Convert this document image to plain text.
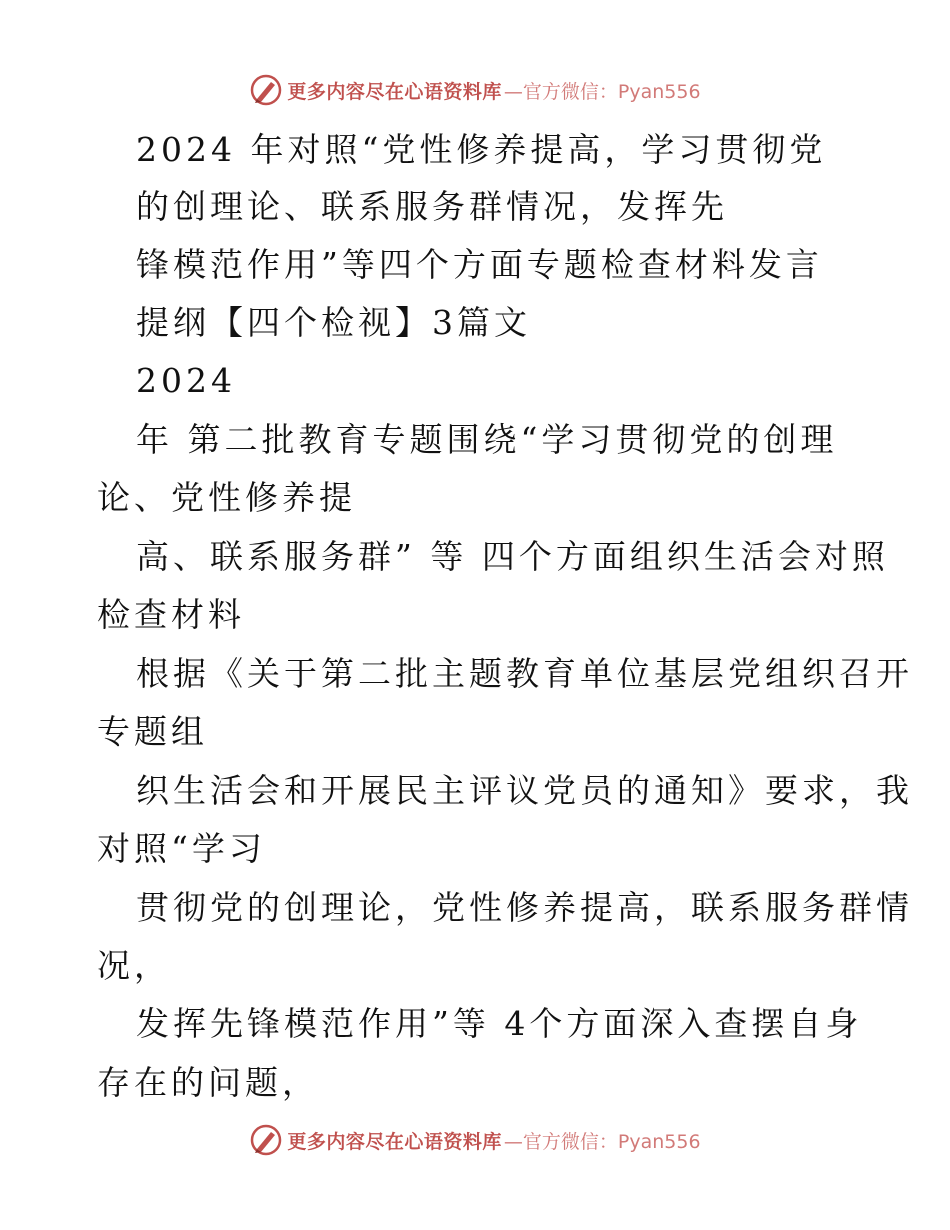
更多内容尽在心语资料库 —官方微信：Pyan556
2024 年对照“党性修养提高，学习贯彻党
的创理论、联系服务群情况，发挥先
锋模范作用”等四个方面专题检查材料发言
提纲【四个检视】3篇文
2024
年 第二批教育专题围绕“学习贯彻党的创理
论、党性修养提
高、联系服务群” 等 四个方面组织生活会对照
检查材料
根据《关于第二批主题教育单位基层党组织召开
专题组
织生活会和开展民主评议党员的通知》要求，我
对照“学习
贯彻党的创理论，党性修养提高，联系服务群情
况，
发挥先锋模范作用”等 4个方面深入查摆自身
存在的问题，
更多内容尽在心语资料库 —官方微信：Pyan556
